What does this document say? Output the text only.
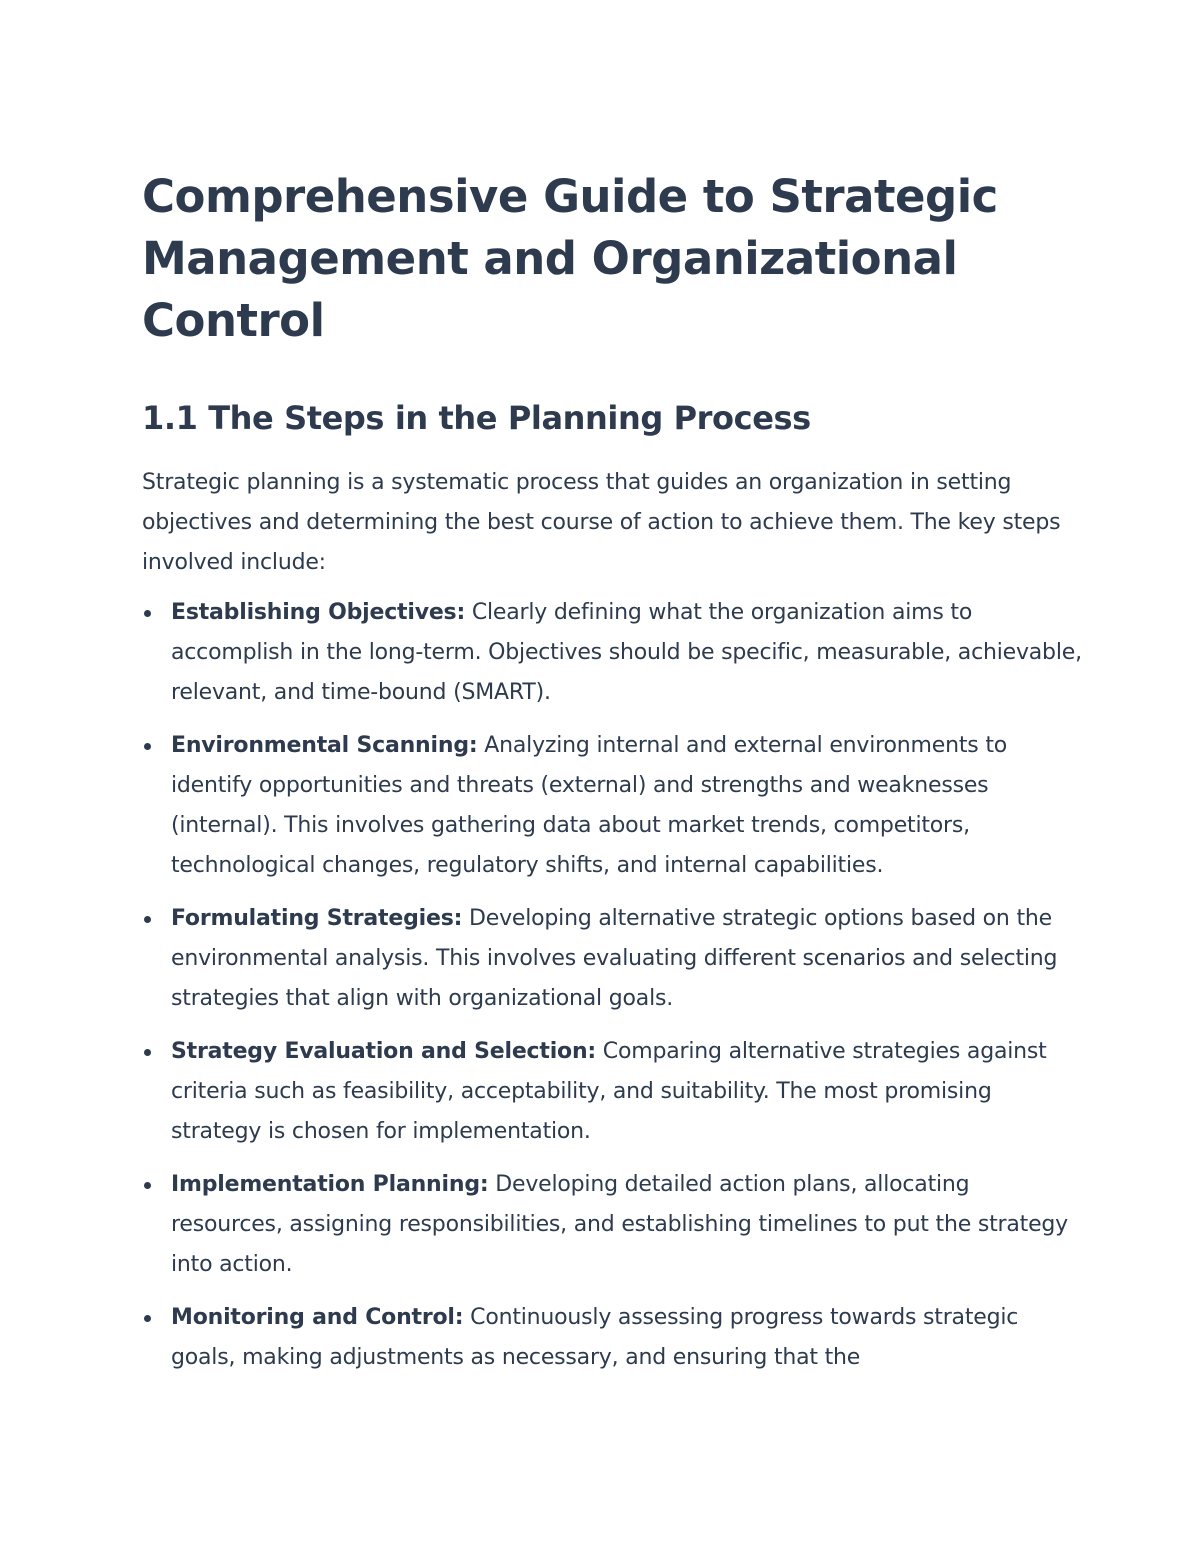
Comprehensive Guide to Strategic Management and Organizational Control
1.1 The Steps in the Planning Process

Strategic planning is a systematic process that guides an organization in setting objectives and determining the best course of action to achieve them. The key steps involved include:

Establishing Objectives: Clearly defining what the organization aims to accomplish in the long-term. Objectives should be specific, measurable, achievable, relevant, and time-bound (SMART).
Environmental Scanning: Analyzing internal and external environments to identify opportunities and threats (external) and strengths and weaknesses (internal). This involves gathering data about market trends, competitors, technological changes, regulatory shifts, and internal capabilities.
Formulating Strategies: Developing alternative strategic options based on the environmental analysis. This involves evaluating different scenarios and selecting strategies that align with organizational goals.
Strategy Evaluation and Selection: Comparing alternative strategies against criteria such as feasibility, acceptability, and suitability. The most promising strategy is chosen for implementation.
Implementation Planning: Developing detailed action plans, allocating resources, assigning responsibilities, and establishing timelines to put the strategy into action.
Monitoring and Control: Continuously assessing progress towards strategic goals, making adjustments as necessary, and ensuring that the
